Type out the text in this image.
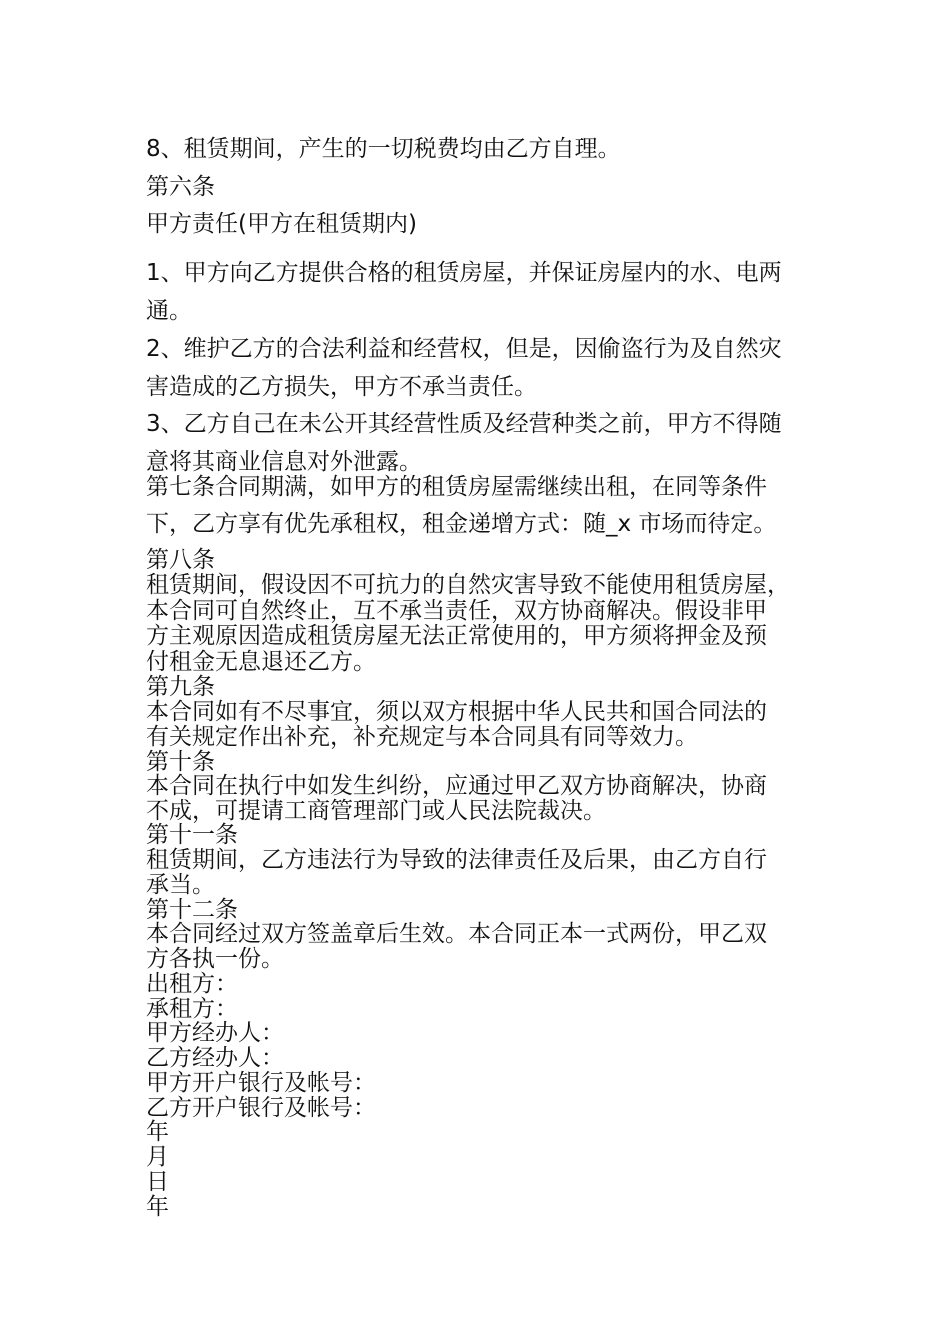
8、租赁期间，产生的一切税费均由乙方自理。

第六条

甲方责任(甲方在租赁期内)

1、甲方向乙方提供合格的租赁房屋，并保证房屋内的水、电两

通。

2、维护乙方的合法利益和经营权，但是，因偷盗行为及自然灾

害造成的乙方损失，甲方不承当责任。

3、乙方自己在未公开其经营性质及经营种类之前，甲方不得随

意将其商业信息对外泄露。

第七条合同期满，如甲方的租赁房屋需继续出租，在同等条件

下，乙方享有优先承租权，租金递增方式：随_x 市场而待定。

第八条

租赁期间，假设因不可抗力的自然灾害导致不能使用租赁房屋，

本合同可自然终止，互不承当责任，双方协商解决。假设非甲

方主观原因造成租赁房屋无法正常使用的，甲方须将押金及预

付租金无息退还乙方。

第九条

本合同如有不尽事宜，须以双方根据中华人民共和国合同法的

有关规定作出补充，补充规定与本合同具有同等效力。

第十条

本合同在执行中如发生纠纷，应通过甲乙双方协商解决，协商

不成，可提请工商管理部门或人民法院裁决。

第十一条

租赁期间，乙方违法行为导致的法律责任及后果，由乙方自行

承当。

第十二条

本合同经过双方签盖章后生效。本合同正本一式两份，甲乙双

方各执一份。

出租方：

承租方：

甲方经办人：

乙方经办人：

甲方开户银行及帐号：

乙方开户银行及帐号：

年

月

日

年
